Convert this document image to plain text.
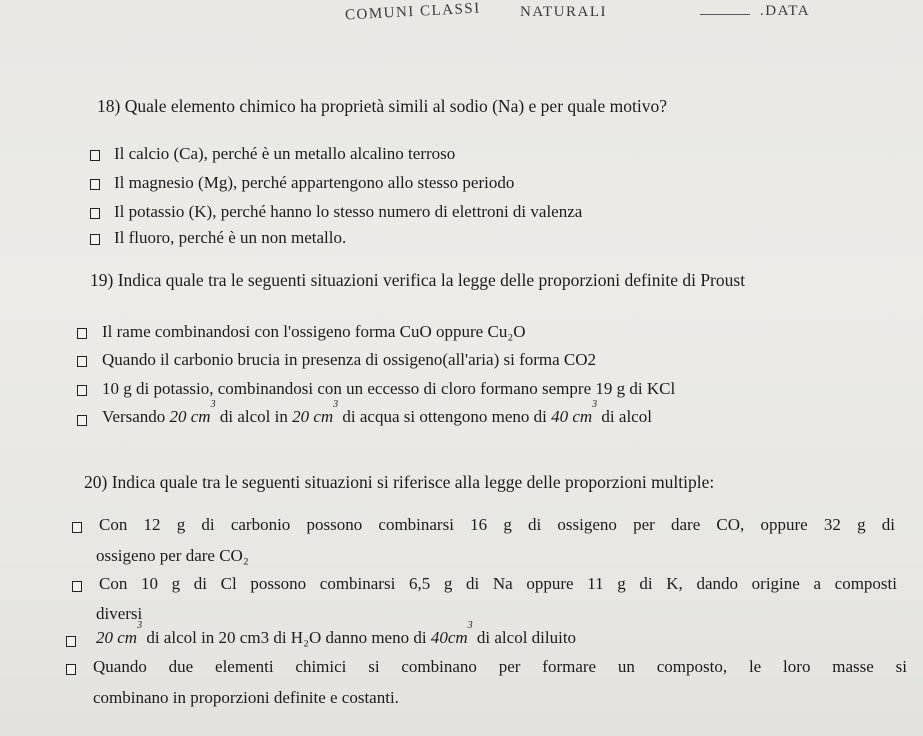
COMUNI CLASSI	NATURALI	.DATA
18) Quale elemento chimico ha proprietà simili al sodio (Na) e per quale motivo?
Il calcio (Ca), perché è un metallo alcalino terroso
Il magnesio (Mg), perché appartengono allo stesso periodo
Il potassio (K), perché hanno lo stesso numero di elettroni di valenza
Il fluoro, perché è un non metallo.
19) Indica quale tra le seguenti situazioni verifica la legge delle proporzioni definite di Proust
Il rame combinandosi con l'ossigeno forma CuO oppure Cu₂O
Quando il carbonio brucia in presenza di ossigeno(all'aria) si forma CO2
10 g di potassio, combinandosi con un eccesso di cloro formano sempre 19 g di KCl
Versando 20 $cm^3$ di alcol in 20 $cm^3$ di acqua si ottengono meno di 40 $cm^3$ di alcol
20) Indica quale tra le seguenti situazioni si riferisce alla legge delle proporzioni multiple:
Con 12 g di carbonio possono combinarsi 16 g di ossigeno per dare CO, oppure 32 g di
ossigeno per dare CO₂
Con 10 g di Cl possono combinarsi 6,5 g di Na oppure 11 g di K, dando origine a composti
diversi
20 $cm^3$ di alcol in 20 cm3 di H₂O danno meno di $40cm^3$ di alcol diluito
Quando due elementi chimici si combinano per formare un composto, le loro masse si
combinano in proporzioni definite e costanti.
